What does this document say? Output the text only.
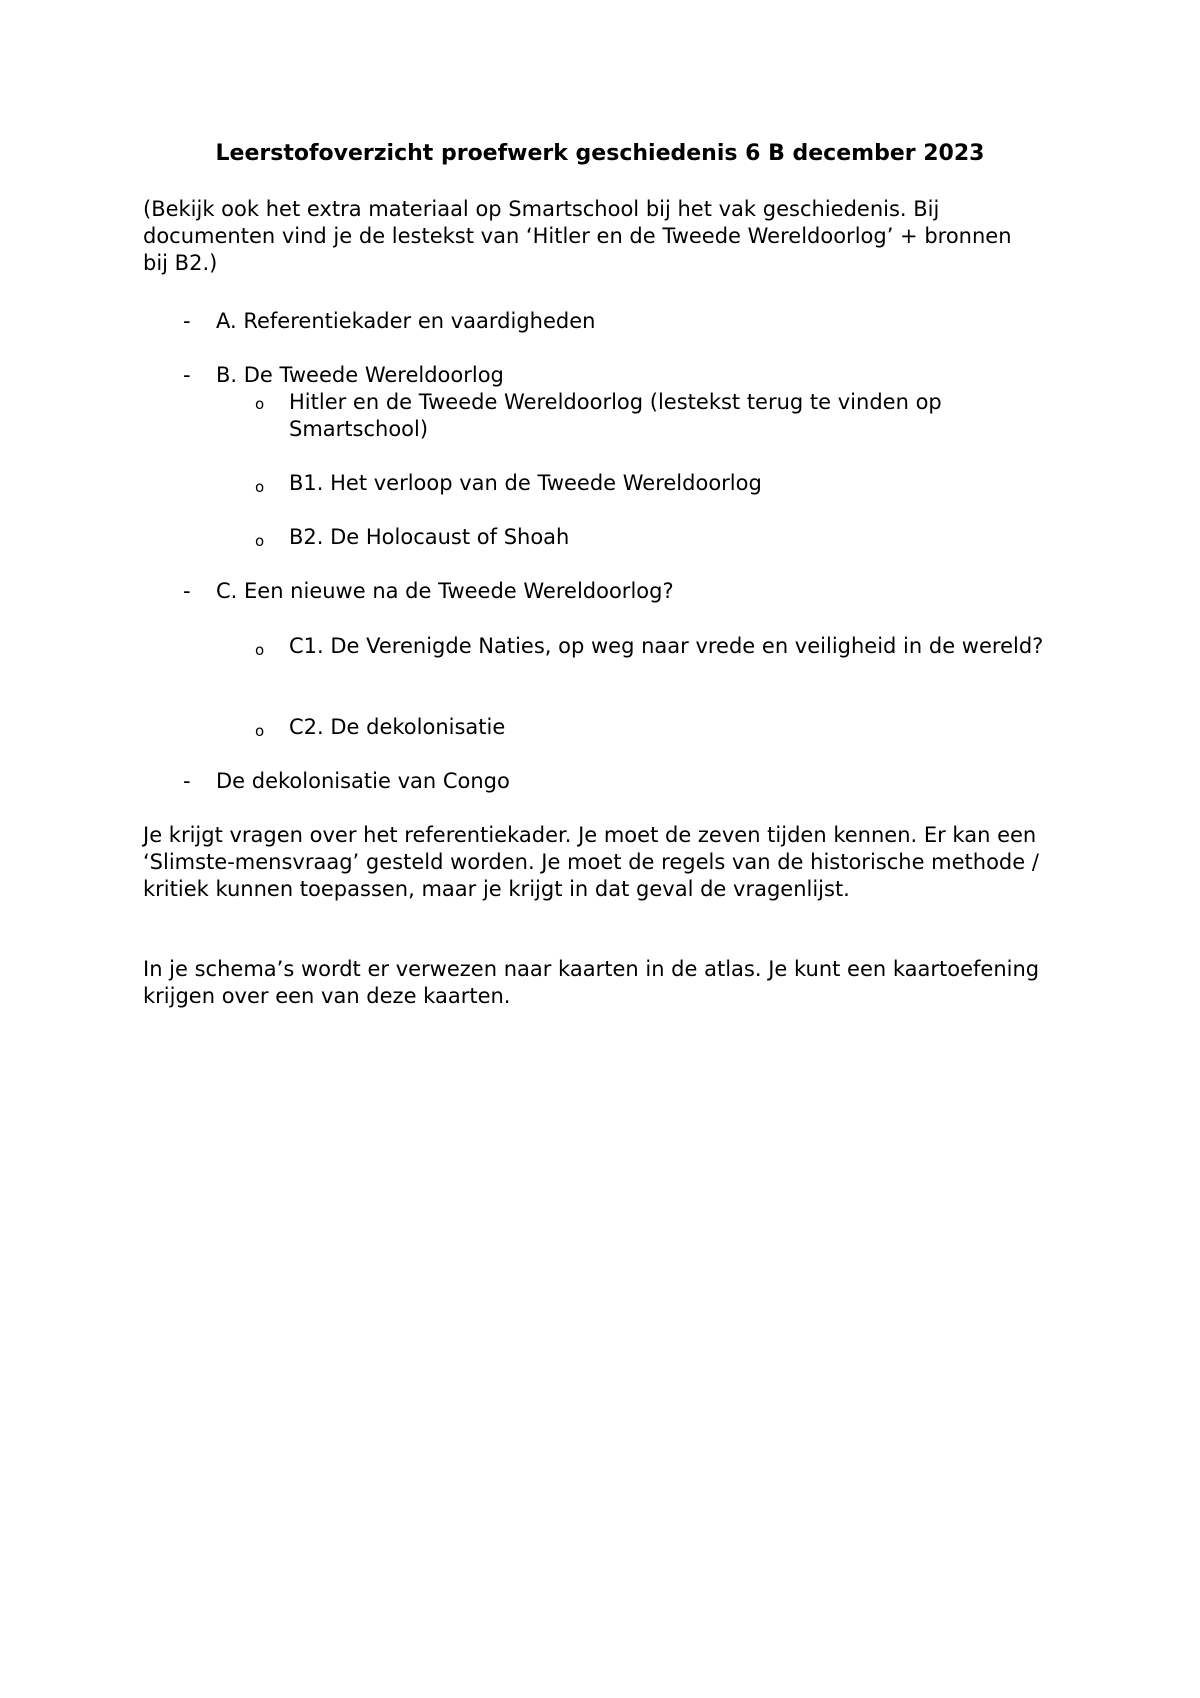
Leerstofoverzicht proefwerk geschiedenis 6 B december 2023
(Bekijk ook het extra materiaal op Smartschool bij het vak geschiedenis. Bij documenten vind je de lestekst van ‘Hitler en de Tweede Wereldoorlog’ + bronnen bij B2.)
- A. Referentiekader en vaardigheden
- B. De Tweede Wereldoorlog
o Hitler en de Tweede Wereldoorlog (lestekst terug te vinden op Smartschool)
o B1. Het verloop van de Tweede Wereldoorlog
o B2. De Holocaust of Shoah
- C. Een nieuwe na de Tweede Wereldoorlog?
o C1. De Verenigde Naties, op weg naar vrede en veiligheid in de wereld?
o C2. De dekolonisatie
- De dekolonisatie van Congo
Je krijgt vragen over het referentiekader. Je moet de zeven tijden kennen. Er kan een ‘Slimste-mensvraag’ gesteld worden. Je moet de regels van de historische methode / kritiek kunnen toepassen, maar je krijgt in dat geval de vragenlijst.
In je schema’s wordt er verwezen naar kaarten in de atlas. Je kunt een kaartoefening krijgen over een van deze kaarten.
